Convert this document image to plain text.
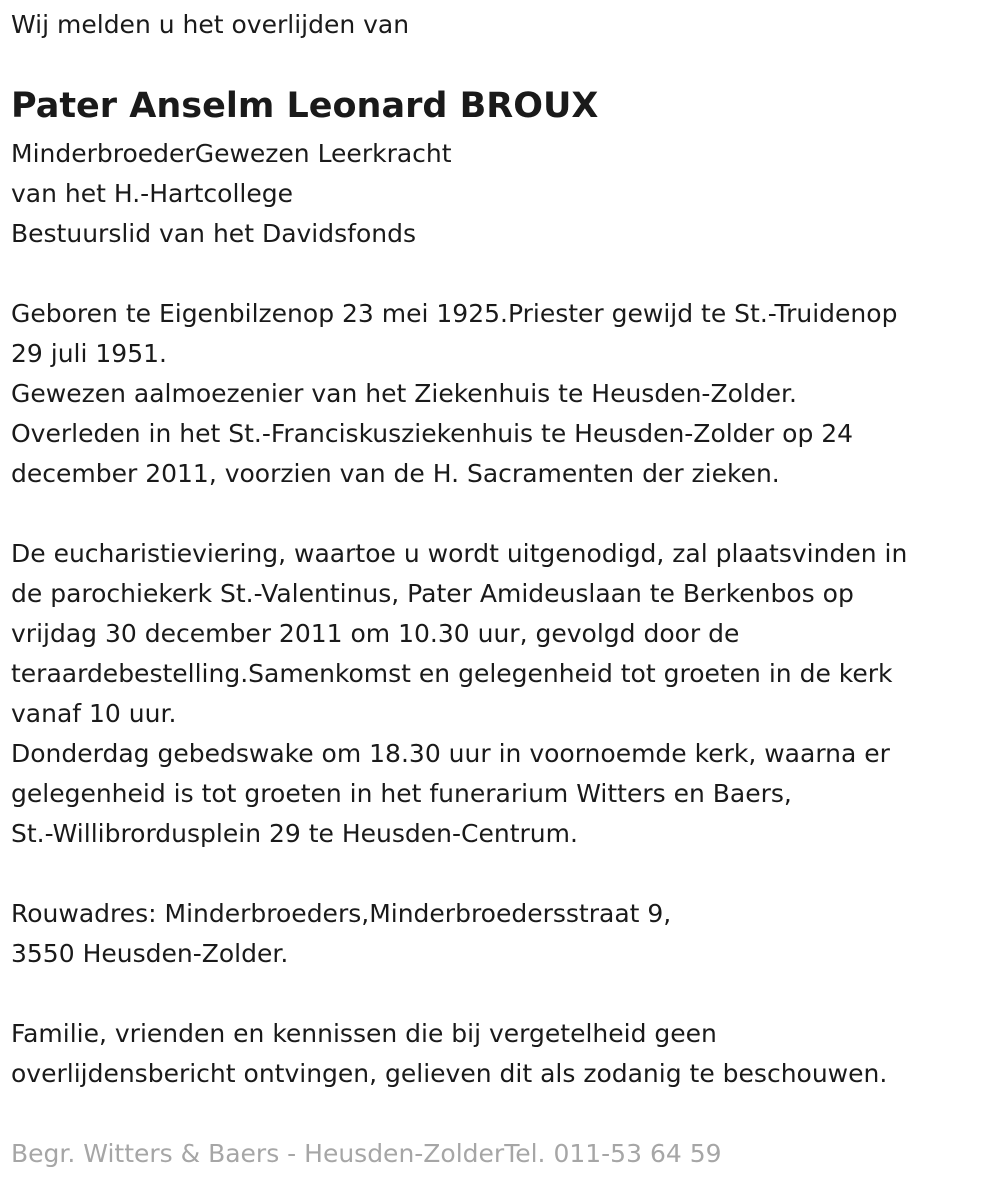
Wij melden u het overlijden van

Pater Anselm Leonard BROUX

MinderbroederGewezen Leerkracht

van het H.-Hartcollege

Bestuurslid van het Davidsfonds

Geboren te Eigenbilzenop 23 mei 1925.Priester gewijd te St.-Truidenop

29 juli 1951.

Gewezen aalmoezenier van het Ziekenhuis te Heusden-Zolder.

Overleden in het St.-Franciskusziekenhuis te Heusden-Zolder op 24

december 2011, voorzien van de H. Sacramenten der zieken.

De eucharistieviering, waartoe u wordt uitgenodigd, zal plaatsvinden in

de parochiekerk St.-Valentinus, Pater Amideuslaan te Berkenbos op

vrijdag 30 december 2011 om 10.30 uur, gevolgd door de

teraardebestelling.Samenkomst en gelegenheid tot groeten in de kerk

vanaf 10 uur.

Donderdag gebedswake om 18.30 uur in voornoemde kerk, waarna er

gelegenheid is tot groeten in het funerarium Witters en Baers,

St.-Willibrordusplein 29 te Heusden-Centrum.

Rouwadres: Minderbroeders,Minderbroedersstraat 9,

3550 Heusden-Zolder.

Familie, vrienden en kennissen die bij vergetelheid geen

overlijdensbericht ontvingen, gelieven dit als zodanig te beschouwen.

Begr. Witters & Baers - Heusden-ZolderTel. 011-53 64 59
